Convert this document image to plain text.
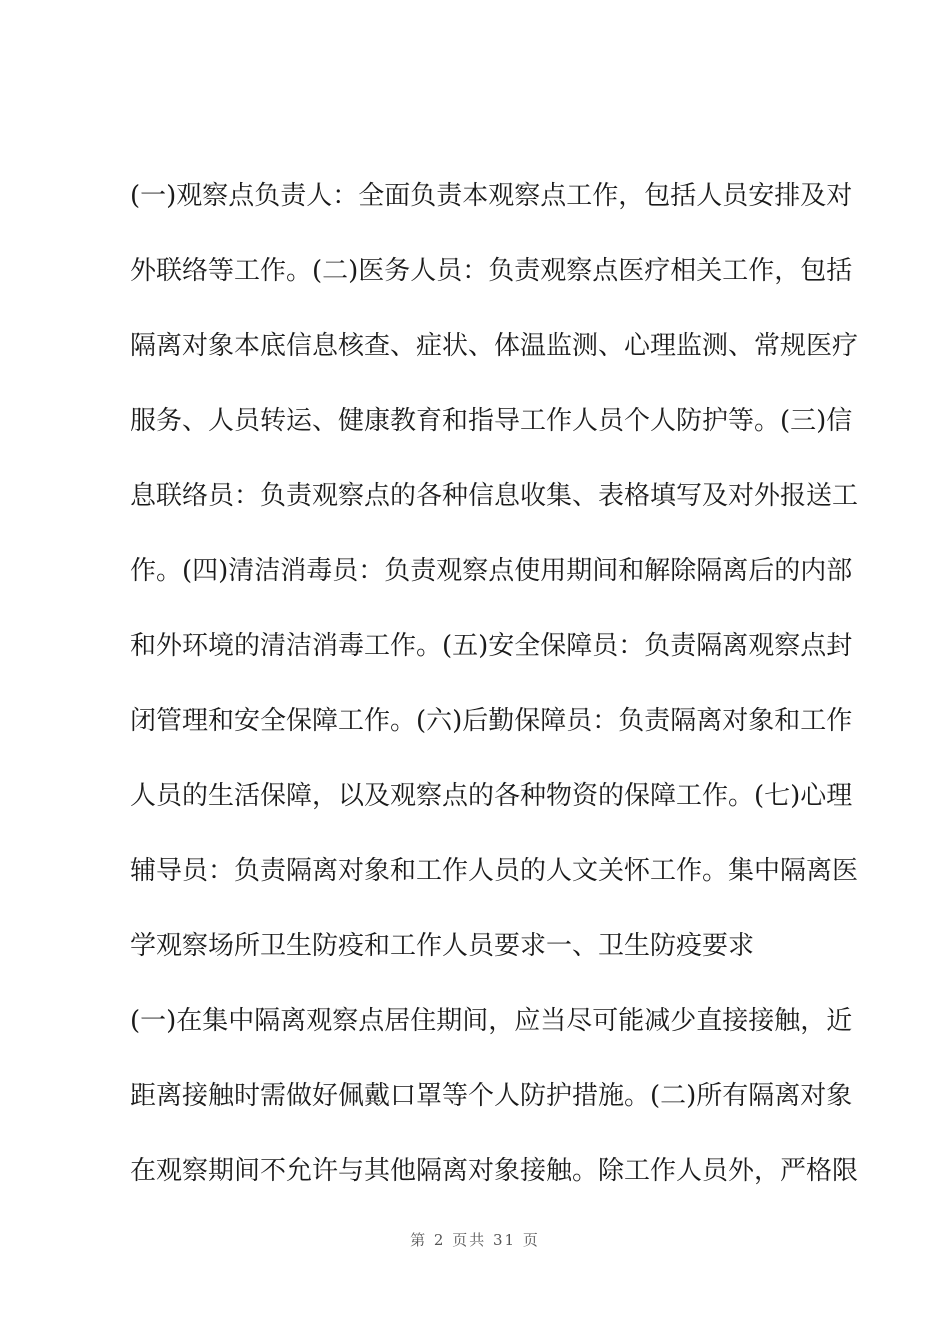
(一)观察点负责人：全面负责本观察点工作，包括人员安排及对
外联络等工作。(二)医务人员：负责观察点医疗相关工作，包括
隔离对象本底信息核查、症状、体温监测、心理监测、常规医疗
服务、人员转运、健康教育和指导工作人员个人防护等。(三)信
息联络员：负责观察点的各种信息收集、表格填写及对外报送工
作。(四)清洁消毒员：负责观察点使用期间和解除隔离后的内部
和外环境的清洁消毒工作。(五)安全保障员：负责隔离观察点封
闭管理和安全保障工作。(六)后勤保障员：负责隔离对象和工作
人员的生活保障，以及观察点的各种物资的保障工作。(七)心理
辅导员：负责隔离对象和工作人员的人文关怀工作。集中隔离医
学观察场所卫生防疫和工作人员要求一、卫生防疫要求
(一)在集中隔离观察点居住期间，应当尽可能减少直接接触，近
距离接触时需做好佩戴口罩等个人防护措施。(二)所有隔离对象
在观察期间不允许与其他隔离对象接触。除工作人员外，严格限
第 2 页共 31 页
